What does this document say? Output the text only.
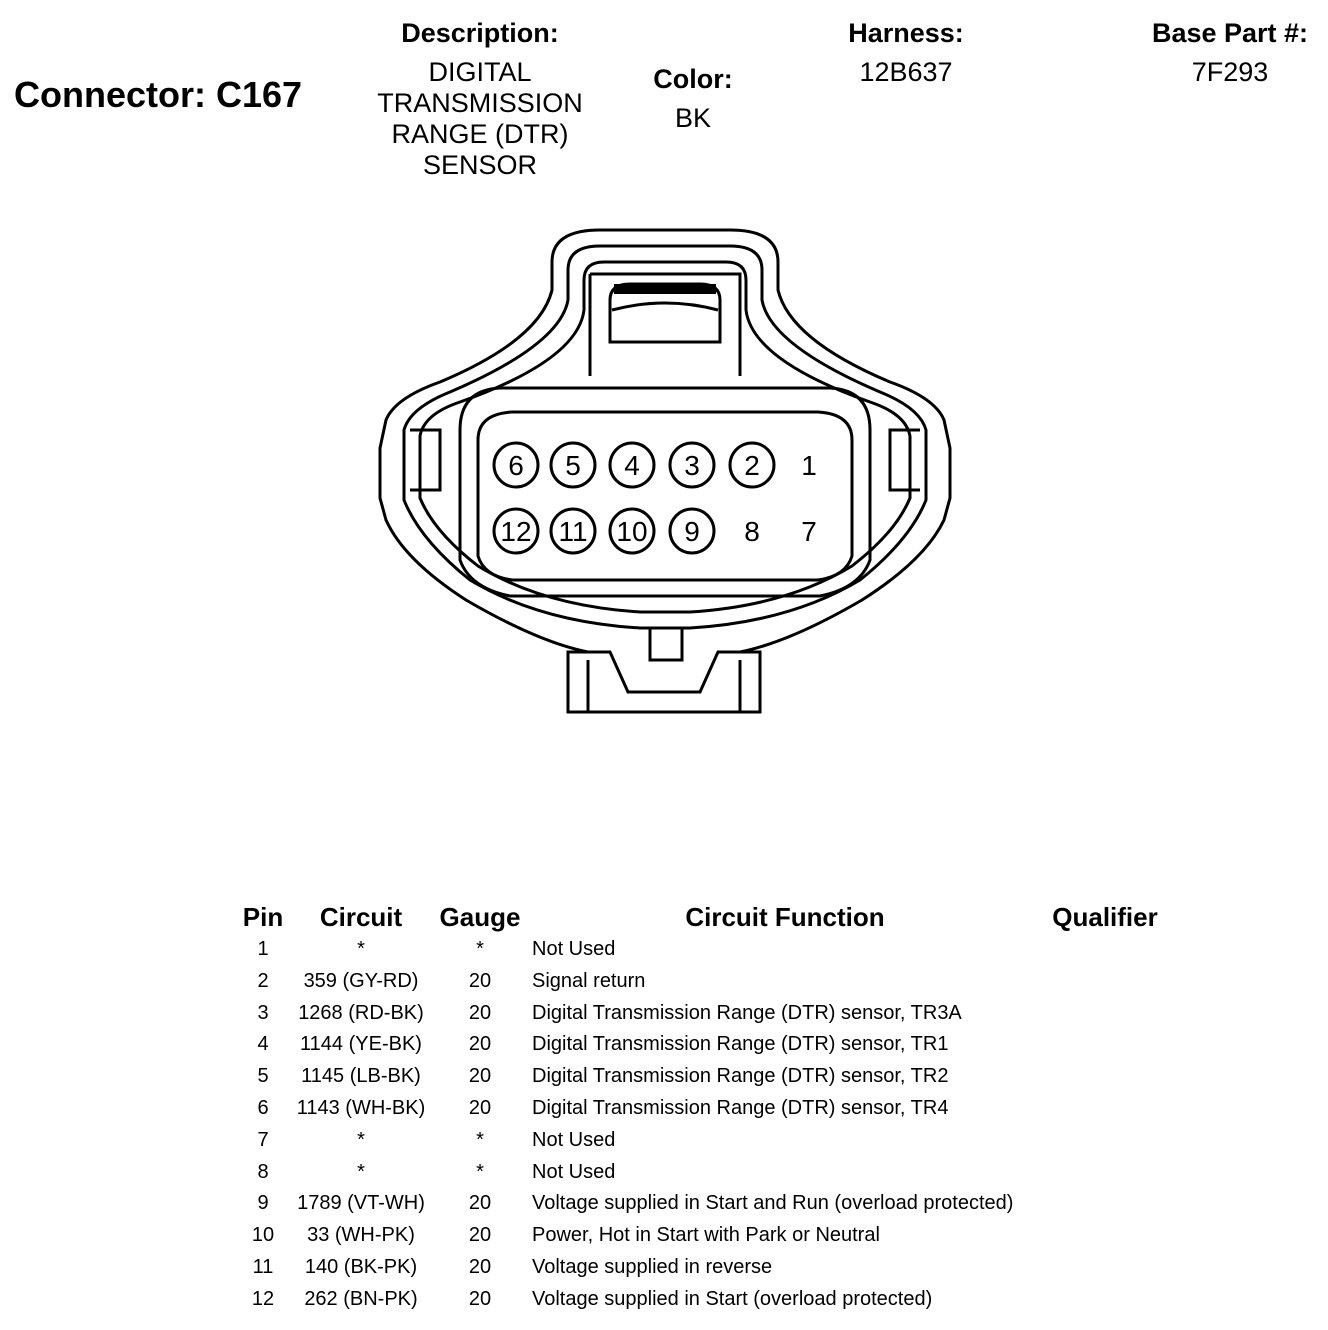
Connector: C167
Description:
DIGITAL
TRANSMISSION
RANGE (DTR)
SENSOR
Color:
BK
Harness:
12B637
Base Part #:
7F293
6 5 4 3 2 1
12 11 10 9 8 7
Pin	Circuit	Gauge	Circuit Function	Qualifier
1	*	*	Not Used
2	359 (GY-RD)	20	Signal return
3	1268 (RD-BK)	20	Digital Transmission Range (DTR) sensor, TR3A
4	1144 (YE-BK)	20	Digital Transmission Range (DTR) sensor, TR1
5	1145 (LB-BK)	20	Digital Transmission Range (DTR) sensor, TR2
6	1143 (WH-BK)	20	Digital Transmission Range (DTR) sensor, TR4
7	*	*	Not Used
8	*	*	Not Used
9	1789 (VT-WH)	20	Voltage supplied in Start and Run (overload protected)
10	33 (WH-PK)	20	Power, Hot in Start with Park or Neutral
11	140 (BK-PK)	20	Voltage supplied in reverse
12	262 (BN-PK)	20	Voltage supplied in Start (overload protected)
